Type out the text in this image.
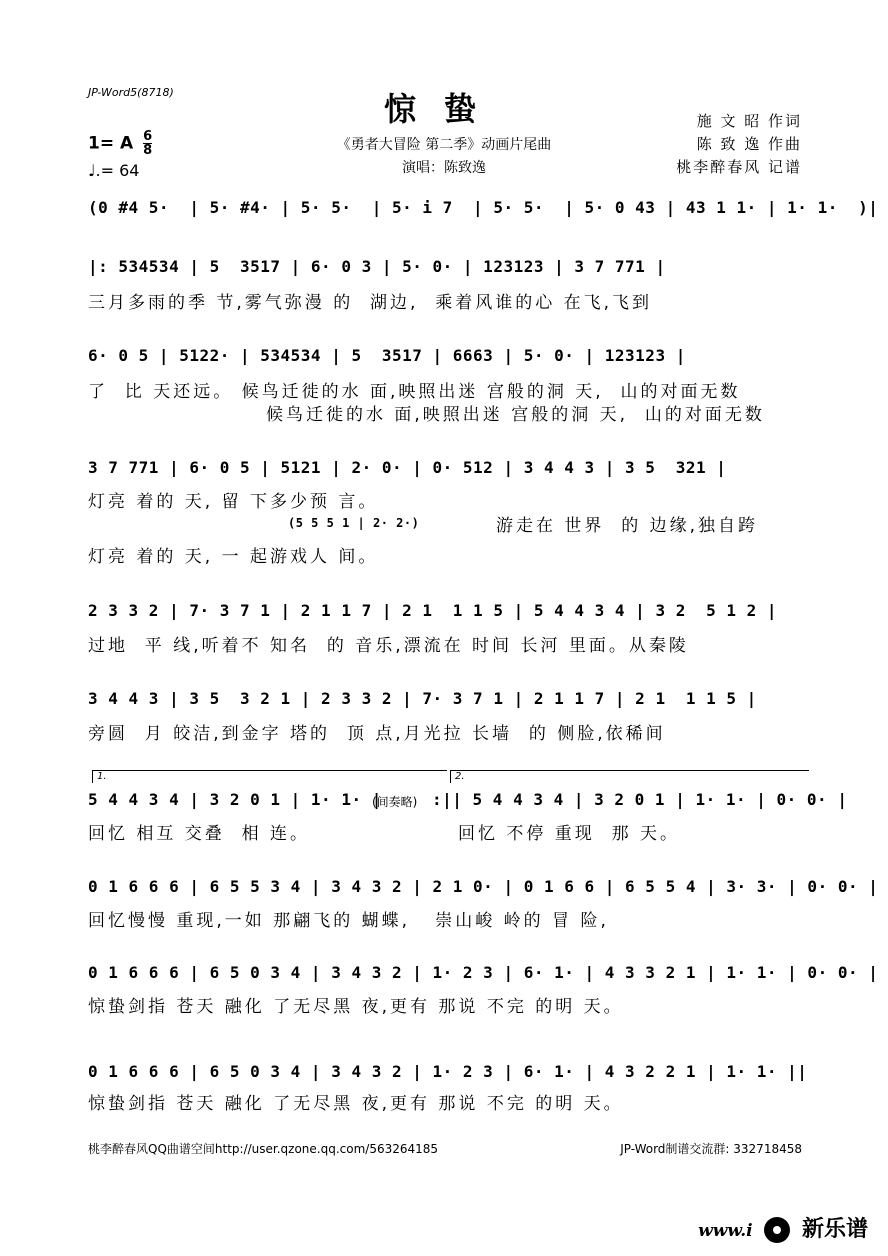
JP-Word5(8718)	惊蛰
《勇者大冒险 第二季》动画片尾曲
演唱：陈致逸
施 文 昭 作词
陈 致 逸 作曲
桃李醉春风 记谱
1= A $\frac{6}{8}$
♩.= 64
(0 #4 5·  | 5· #4· | 5· 5·  | 5· i 7  | 5· 5·  | 5· 0 43 | 43 1 1· | 1· 1·  )|
|: 534534 | 5  3517 | 6· 0 3 | 5· 0· | 123123 | 3 7 771 |
三月多雨的季 节,雾气弥漫 的  湖边,  乘着风谁的心 在飞,飞到
6· 0 5 | 5122· | 534534 | 5  3517 | 6663 | 5· 0· | 123123 |
了  比 天还远。 候鸟迁徙的水 面,映照出迷 宫般的洞 天,  山的对面无数
候鸟迁徙的水 面,映照出迷 宫般的洞 天,  山的对面无数
3 7 771 | 6· 0 5 | 5121 | 2· 0· | 0· 512 | 3 4 4 3 | 3 5  321 |
灯亮 着的 天, 留 下多少预 言。
(5 5 5 1 | 2· 2·)	游走在 世界  的 边缘,独自跨
灯亮 着的 天, 一 起游戏人 间。
2 3 3 2 | 7· 3 7 1 | 2 1 1 7 | 2 1  1 1 5 | 5 4 4 3 4 | 3 2  5 1 2 |
过地  平 线,听着不 知名  的 音乐,漂流在 时间 长河 里面。从秦陵
3 4 4 3 | 3 5  3 2 1 | 2 3 3 2 | 7· 3 7 1 | 2 1 1 7 | 2 1  1 1 5 |
旁圆  月 皎洁,到金字 塔的  顶 点,月光拉 长墙  的 侧脸,依稀间
1.	2.
5 4 4 3 4 | 3 2 0 1 | 1· 1· |
(间奏略) :|| 5 4 4 3 4 | 3 2 0 1 | 1· 1· | 0· 0· |
回忆 相互 交叠  相 连。	回忆 不停 重现  那 天。
0 1 6 6 6 | 6 5 5 3 4 | 3 4 3 2 | 2 1 0· | 0 1 6 6 | 6 5 5 4 | 3· 3· | 0· 0· |
回忆慢慢 重现,一如 那翩飞的 蝴蝶,   崇山峻 岭的 冒 险,
0 1 6 6 6 | 6 5 0 3 4 | 3 4 3 2 | 1· 2 3 | 6· 1· | 4 3 3 2 1 | 1· 1· | 0· 0· |
惊蛰剑指 苍天 融化 了无尽黑 夜,更有 那说 不完 的明 天。
0 1 6 6 6 | 6 5 0 3 4 | 3 4 3 2 | 1· 2 3 | 6· 1· | 4 3 2 2 1 | 1· 1· ||
惊蛰剑指 苍天 融化 了无尽黑 夜,更有 那说 不完 的明 天。
桃李醉春风QQ曲谱空间http://user.qzone.qq.com/563264185	JP-Word制谱交流群: 332718458
www.i 新乐谱
